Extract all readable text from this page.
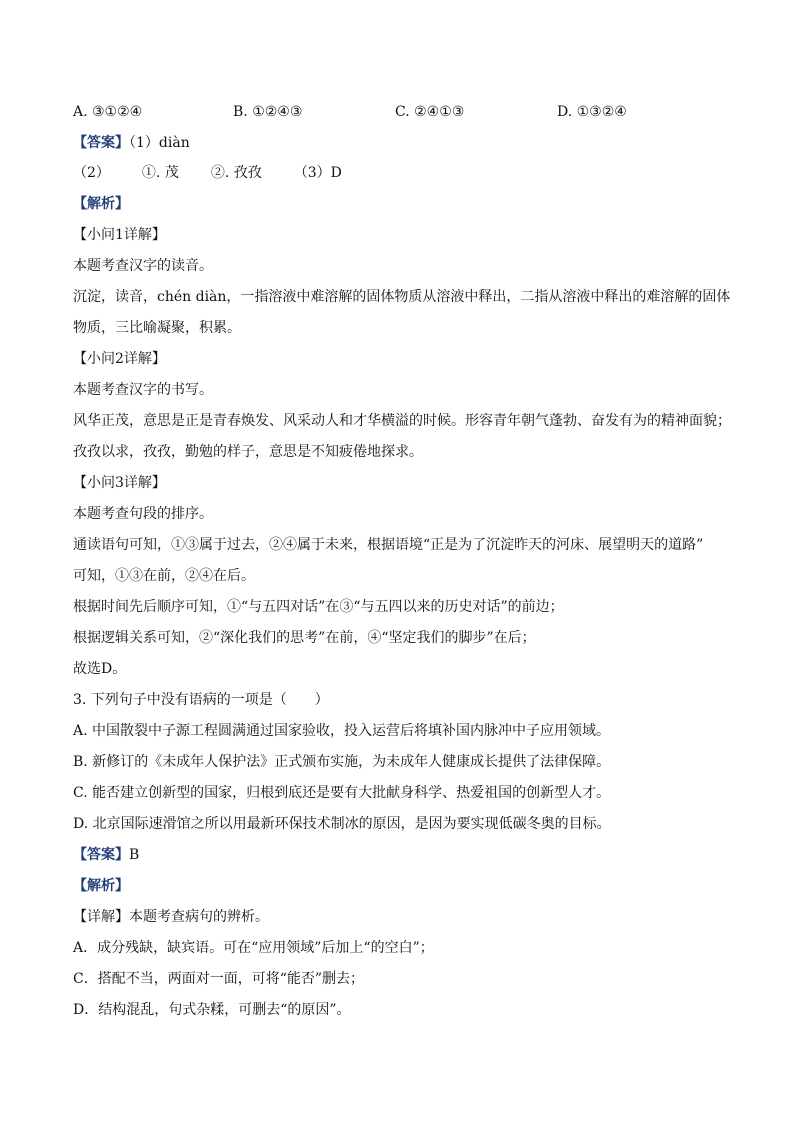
A. ③①②④	B. ①②④③	C. ②④①③	D. ①③②④
【答案】（1）diàn
（2） ①. 茂 ②. 孜孜 （3）D
【解析】
【小问1详解】
本题考查汉字的读音。
沉淀，读音，chén diàn，一指溶液中难溶解的固体物质从溶液中释出，二指从溶液中释出的难溶解的固体
物质，三比喻凝聚，积累。
【小问2详解】
本题考查汉字的书写。
风华正茂，意思是正是青春焕发、风采动人和才华横溢的时候。形容青年朝气蓬勃、奋发有为的精神面貌；
孜孜以求，孜孜，勤勉的样子，意思是不知疲倦地探求。
【小问3详解】
本题考查句段的排序。
通读语句可知，①③属于过去，②④属于未来，根据语境“正是为了沉淀昨天的河床、展望明天的道路”
可知，①③在前，②④在后。
根据时间先后顺序可知，①“与五四对话”在③“与五四以来的历史对话”的前边；
根据逻辑关系可知，②“深化我们的思考”在前，④“坚定我们的脚步”在后；
故选D。
3. 下列句子中没有语病的一项是（　　）
A. 中国散裂中子源工程圆满通过国家验收，投入运营后将填补国内脉冲中子应用领域。
B. 新修订的《未成年人保护法》正式颁布实施，为未成年人健康成长提供了法律保障。
C. 能否建立创新型的国家，归根到底还是要有大批献身科学、热爱祖国的创新型人才。
D. 北京国际速滑馆之所以用最新环保技术制冰的原因，是因为要实现低碳冬奥的目标。
【答案】B
【解析】
【详解】本题考查病句的辨析。
A．成分残缺，缺宾语。可在“应用领域”后加上“的空白”；
C．搭配不当，两面对一面，可将“能否”删去；
D．结构混乱，句式杂糅，可删去“的原因”。
